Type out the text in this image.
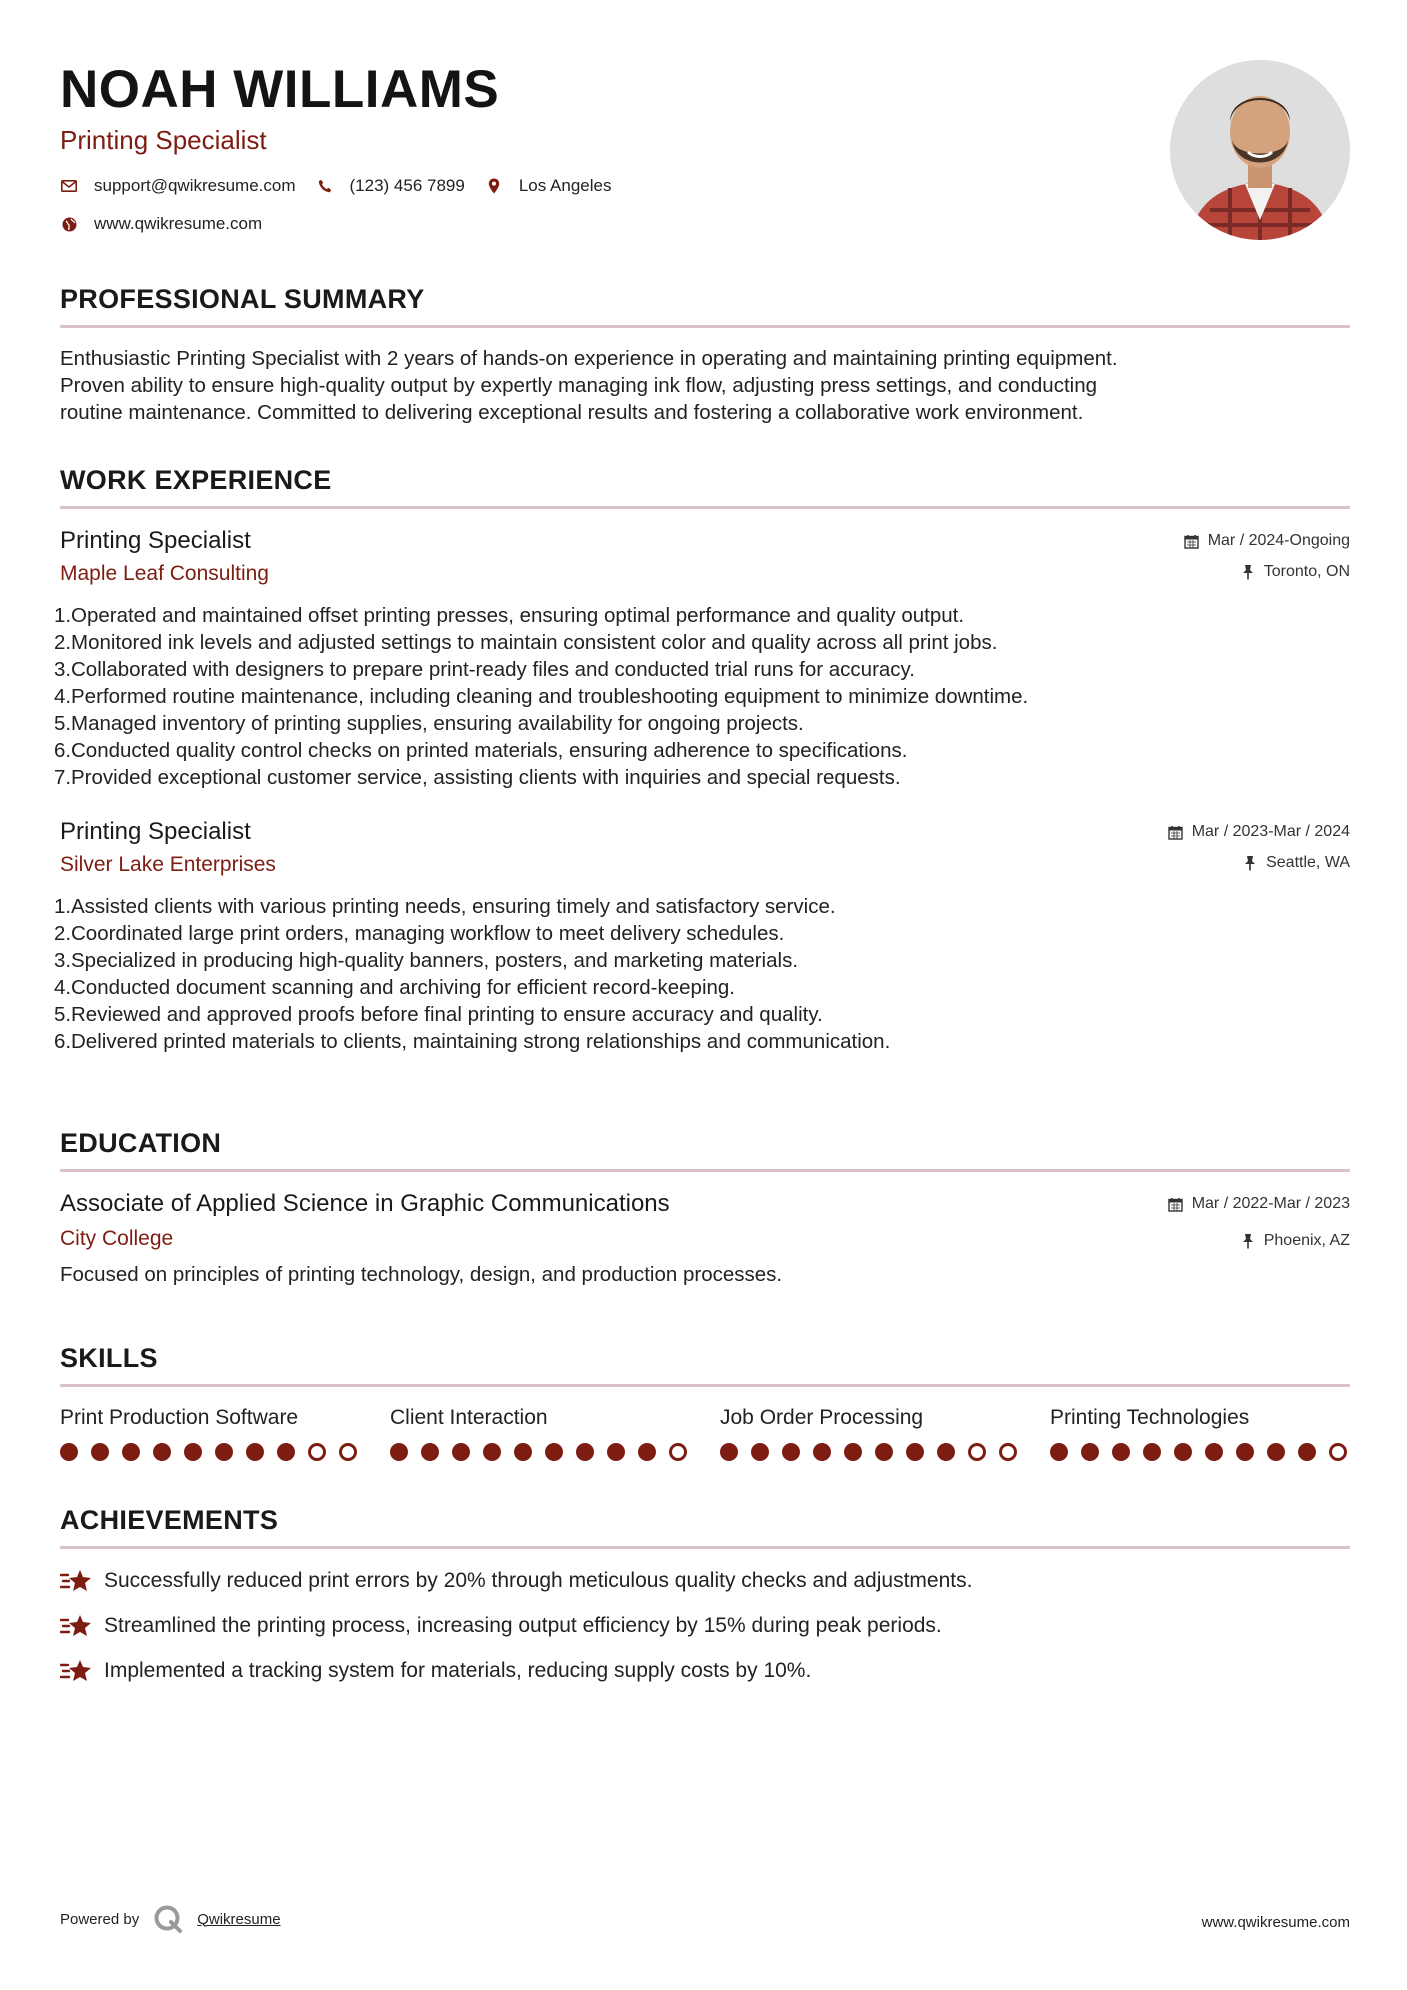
NOAH WILLIAMS
Printing Specialist
support@qwikresume.com	(123) 456 7899	Los Angeles
www.qwikresume.com
PROFESSIONAL SUMMARY
Enthusiastic Printing Specialist with 2 years of hands-on experience in operating and maintaining printing equipment.
Proven ability to ensure high-quality output by expertly managing ink flow, adjusting press settings, and conducting
routine maintenance. Committed to delivering exceptional results and fostering a collaborative work environment.
WORK EXPERIENCE
Printing Specialist
Maple Leaf Consulting
Mar / 2024-Ongoing
Toronto, ON
1. Operated and maintained offset printing presses, ensuring optimal performance and quality output.
2. Monitored ink levels and adjusted settings to maintain consistent color and quality across all print jobs.
3. Collaborated with designers to prepare print-ready files and conducted trial runs for accuracy.
4. Performed routine maintenance, including cleaning and troubleshooting equipment to minimize downtime.
5. Managed inventory of printing supplies, ensuring availability for ongoing projects.
6. Conducted quality control checks on printed materials, ensuring adherence to specifications.
7. Provided exceptional customer service, assisting clients with inquiries and special requests.
Printing Specialist
Silver Lake Enterprises
Mar / 2023-Mar / 2024
Seattle, WA
1. Assisted clients with various printing needs, ensuring timely and satisfactory service.
2. Coordinated large print orders, managing workflow to meet delivery schedules.
3. Specialized in producing high-quality banners, posters, and marketing materials.
4. Conducted document scanning and archiving for efficient record-keeping.
5. Reviewed and approved proofs before final printing to ensure accuracy and quality.
6. Delivered printed materials to clients, maintaining strong relationships and communication.
EDUCATION
Associate of Applied Science in Graphic Communications
City College
Mar / 2022-Mar / 2023
Phoenix, AZ
Focused on principles of printing technology, design, and production processes.
SKILLS
Print Production Software	Client Interaction	Job Order Processing	Printing Technologies
ACHIEVEMENTS
Successfully reduced print errors by 20% through meticulous quality checks and adjustments.
Streamlined the printing process, increasing output efficiency by 15% during peak periods.
Implemented a tracking system for materials, reducing supply costs by 10%.
Powered by	Qwikresume	www.qwikresume.com
